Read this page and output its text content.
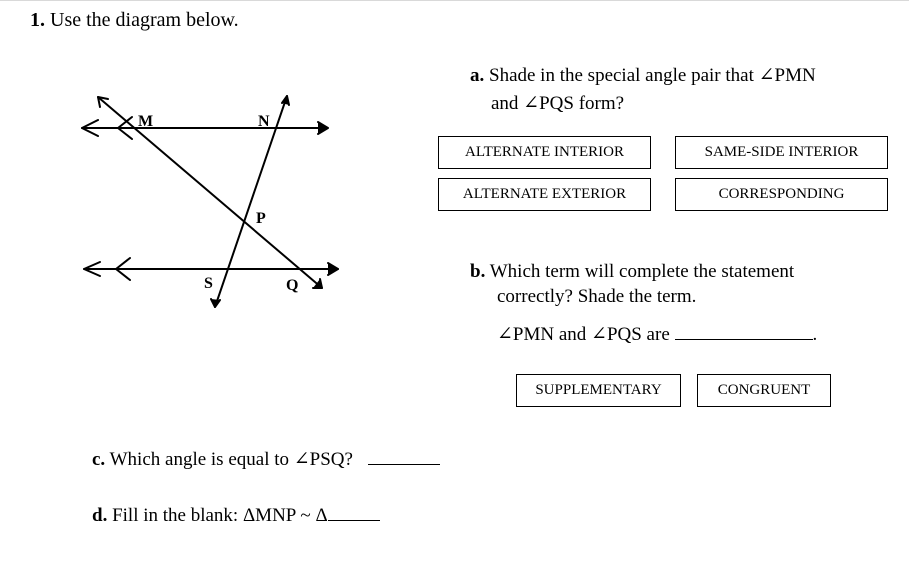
1. Use the diagram below.
M	N
P
S	Q
a. Shade in the special angle pair that ∠PMN
and ∠PQS form?
ALTERNATE INTERIOR	SAME-SIDE INTERIOR
ALTERNATE EXTERIOR	CORRESPONDING
b. Which term will complete the statement
correctly? Shade the term.
∠PMN and ∠PQS are	.
SUPPLEMENTARY	CONGRUENT
c. Which angle is equal to ∠PSQ?
d. Fill in the blank: ΔMNP ~ Δ
